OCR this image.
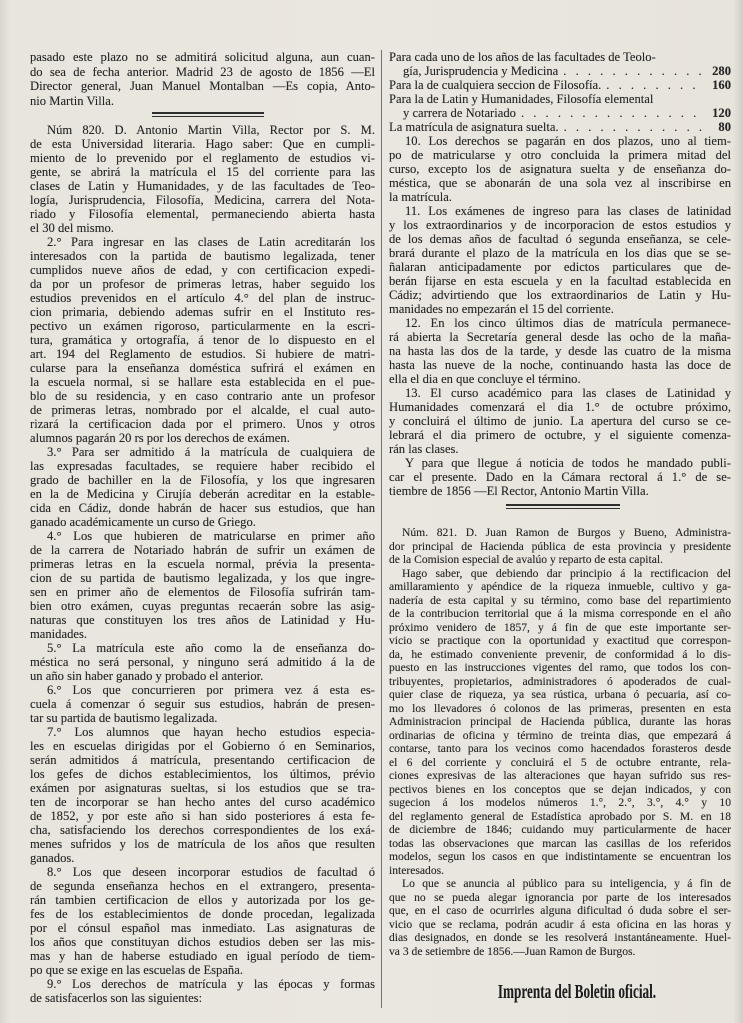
pasado este plazo no se admitirá solicitud alguna, aun cuan-
do sea de fecha anterior. Madrid 23 de agosto de 1856 —El
Director general, Juan Manuel Montalban —Es copia, Anto-
nio Martin Villa.
Núm 820. D. Antonio Martin Villa, Rector por S. M.
de esta Universidad literaria. Hago saber: Que en cumpli-
miento de lo prevenido por el reglamento de estudios vi-
gente, se abrirá la matrícula el 15 del corriente para las
clases de Latin y Humanidades, y de las facultades de Teo-
logía, Jurisprudencia, Filosofía, Medicina, carrera del Nota-
riado y Filosofía elemental, permaneciendo abierta hasta
el 30 del mismo.
2.° Para ingresar en las clases de Latin acreditarán los
interesados con la partida de bautismo legalizada, tener
cumplidos nueve años de edad, y con certificacion expedi-
da por un profesor de primeras letras, haber seguido los
estudios prevenidos en el artículo 4.° del plan de instruc-
cion primaria, debiendo ademas sufrir en el Instituto res-
pectivo un exámen rigoroso, particularmente en la escri-
tura, gramática y ortografía, á tenor de lo dispuesto en el
art. 194 del Reglamento de estudios. Si hubiere de matri-
cularse para la enseñanza doméstica sufrirá el exámen en
la escuela normal, si se hallare esta establecida en el pue-
blo de su residencia, y en caso contrario ante un profesor
de primeras letras, nombrado por el alcalde, el cual auto-
rizará la certificacion dada por el primero. Unos y otros
alumnos pagarán 20 rs por los derechos de exámen.
3.° Para ser admitido á la matrícula de cualquiera de
las expresadas facultades, se requiere haber recibido el
grado de bachiller en la de Filosofía, y los que ingresaren
en la de Medicina y Cirujía deberán acreditar en la estable-
cida en Cádiz, donde habrán de hacer sus estudios, que han
ganado académicamente un curso de Griego.
4.° Los que hubieren de matricularse en primer año
de la carrera de Notariado habrán de sufrir un exámen de
primeras letras en la escuela normal, prévia la presenta-
cion de su partida de bautismo legalizada, y los que ingre-
sen en primer año de elementos de Filosofía sufrirán tam-
bien otro exámen, cuyas preguntas recaerán sobre las asig-
naturas que constituyen los tres años de Latinidad y Hu-
manidades.
5.° La matrícula este año como la de enseñanza do-
méstica no será personal, y ninguno será admitido á la de
un año sin haber ganado y probado el anterior.
6.° Los que concurrieren por primera vez á esta es-
cuela á comenzar ó seguir sus estudios, habrán de presen-
tar su partida de bautismo legalizada.
7.° Los alumnos que hayan hecho estudios especia-
les en escuelas dirigidas por el Gobierno ó en Seminarios,
serán admitidos á matrícula, presentando certificacion de
los gefes de dichos establecimientos, los últimos, prévio
exámen por asignaturas sueltas, si los estudios que se tra-
ten de incorporar se han hecho antes del curso académico
de 1852, y por este año si han sido posteriores á esta fe-
cha, satisfaciendo los derechos correspondientes de los exá-
menes sufridos y los de matrícula de los años que resulten
ganados.
8.° Los que deseen incorporar estudios de facultad ó
de segunda enseñanza hechos en el extrangero, presenta-
rán tambien certificacion de ellos y autorizada por los ge-
fes de los establecimientos de donde procedan, legalizada
por el cónsul español mas inmediato. Las asignaturas de
los años que constituyan dichos estudios deben ser las mis-
mas y han de haberse estudiado en igual período de tiem-
po que se exige en las escuelas de España.
9.° Los derechos de matrícula y las épocas y formas
de satisfacerlos son las siguientes:
Para cada uno de los años de las facultades de Teolo-
gía, Jurisprudencia y Medicina . . .	280
Para la de cualquiera seccion de Filosofía. . . .	160
Para la de Latin y Humanidades, Filosofía elemental
y carrera de Notariado . . .	120
La matrícula de asignatura suelta. . . .	80
10. Los derechos se pagarán en dos plazos, uno al tiem-
po de matricularse y otro concluida la primera mitad del
curso, excepto los de asignatura suelta y de enseñanza do-
méstica, que se abonarán de una sola vez al inscribirse en
la matrícula.
11. Los exámenes de ingreso para las clases de latinidad
y los extraordinarios y de incorporacion de estos estudios y
de los demas años de facultad ó segunda enseñanza, se cele-
brará durante el plazo de la matrícula en los dias que se se-
ñalaran anticipadamente por edictos particulares que de-
berán fijarse en esta escuela y en la facultad establecida en
Cádiz; advirtiendo que los extraordinarios de Latin y Hu-
manidades no empezarán el 15 del corriente.
12. En los cinco últimos dias de matrícula permanece-
rá abierta la Secretaría general desde las ocho de la maña-
na hasta las dos de la tarde, y desde las cuatro de la misma
hasta las nueve de la noche, continuando hasta las doce de
ella el dia en que concluye el término.
13. El curso académico para las clases de Latinidad y
Humanidades comenzará el dia 1.° de octubre próximo,
y concluirá el último de junio. La apertura del curso se ce-
lebrará el dia primero de octubre, y el siguiente comenza-
rán las clases.
Y para que llegue á noticia de todos he mandado publi-
car el presente. Dado en la Cámara rectoral á 1.° de se-
tiembre de 1856 —El Rector, Antonio Martin Villa.
Núm. 821. D. Juan Ramon de Burgos y Bueno, Administra-
dor principal de Hacienda pública de esta provincia y presidente
de la Comision especial de avalúo y reparto de esta capital.
Hago saber, que debiendo dar principio á la rectificacion del
amillaramiento y apéndice de la riqueza inmueble, cultivo y ga-
nadería de esta capital y su término, como base del repartimiento
de la contribucion territorial que á la misma corresponde en el año
próximo venidero de 1857, y á fin de que este importante ser-
vicio se practique con la oportunidad y exactitud que correspon-
da, he estimado conveniente prevenir, de conformidad á lo dis-
puesto en las instrucciones vigentes del ramo, que todos los con-
tribuyentes, propietarios, administradores ó apoderados de cual-
quier clase de riqueza, ya sea rústica, urbana ó pecuaria, así co-
mo los llevadores ó colonos de las primeras, presenten en esta
Administracion principal de Hacienda pública, durante las horas
ordinarias de oficina y término de treinta dias, que empezará á
contarse, tanto para los vecinos como hacendados forasteros desde
el 6 del corriente y concluirá el 5 de octubre entrante, rela-
ciones expresivas de las alteraciones que hayan sufrido sus res-
pectivos bienes en los conceptos que se dejan indicados, y con
sugecion á los modelos números 1.°, 2.°, 3.°, 4.° y 10
del reglamento general de Estadística aprobado por S. M. en 18
de diciembre de 1846; cuidando muy particularmente de hacer
todas las observaciones que marcan las casillas de los referidos
modelos, segun los casos en que indistintamente se encuentran los
interesados.
Lo que se anuncia al público para su inteligencia, y á fin de
que no se pueda alegar ignorancia por parte de los interesados
que, en el caso de ocurrirles alguna dificultad ó duda sobre el ser-
vicio que se reclama, podrán acudir á esta oficina en las horas y
dias designados, en donde se les resolverá instantáneamente. Huel-
va 3 de setiembre de 1856.—Juan Ramon de Burgos.
Imprenta del Boletin oficial.
